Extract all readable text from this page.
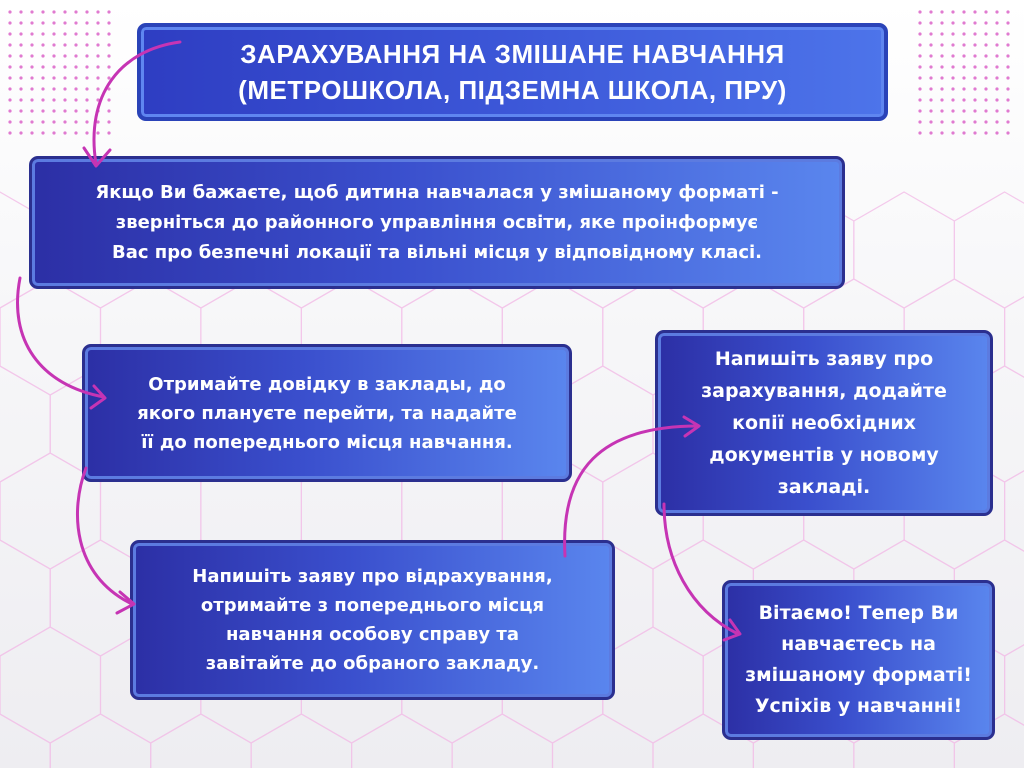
ЗАРАХУВАННЯ НА ЗМІШАНЕ НАВЧАННЯ
(МЕТРОШКОЛА, ПІДЗЕМНА ШКОЛА, ПРУ)
Якщо Ви бажаєте, щоб дитина навчалася у змішаному форматі -
зверніться до районного управління освіти, яке проінформує
Вас про безпечні локації та вільні місця у відповідному класі.
Отримайте довідку в заклады, до
якого плануєте перейти, та надайте
її до попереднього місця навчання.
Напишіть заяву про відрахування,
отримайте з попереднього місця
навчання особову справу та
завітайте до обраного закладу.
Напишіть заяву про
зарахування, додайте
копії необхідних
документів у новому
закладі.
Вітаємо! Тепер Ви
навчаєтесь на
змішаному форматі!
Успіхів у навчанні!
